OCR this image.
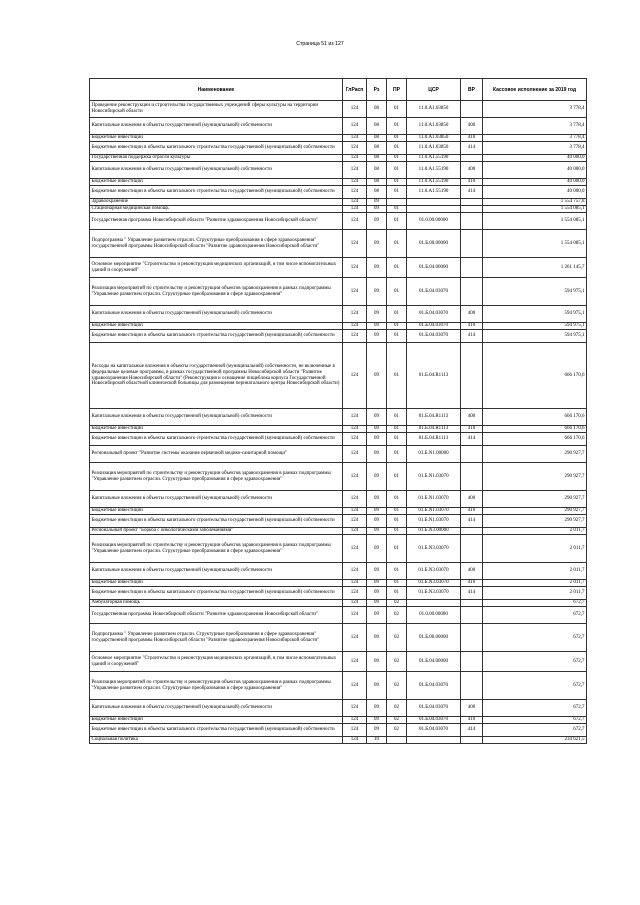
Страница 51 из 127
Наименование	ГлРасп	Рз	ПР	ЦСР	ВР	Кассовое исполнение за 2019 год
Проведение реконструкции и строительства государственных учреждений сферы культуры на территории Новосибирской области	124	08	01	11.0.А1.03850		3 778,4
Капитальные вложения в объекты государственной (муниципальной) собственности	124	08	01	11.0.А1.03850	400	3 778,4
Бюджетные инвестиции	124	08	01	11.0.А1.03850	410	3 778,4
Бюджетные инвестиции в объекты капитального строительства государственной (муниципальной) собственности	124	08	01	11.0.А1.03850	414	3 778,4
Государственная поддержка отрасли культуры	124	08	01	11.0.А1.55190		40 000,0
Капитальные вложения в объекты государственной (муниципальной) собственности	124	08	01	11.0.А1.55190	400	40 000,0
Бюджетные инвестиции	124	08	01	11.0.А1.55190	410	40 000,0
Бюджетные инвестиции в объекты капитального строительства государственной (муниципальной) собственности	124	08	01	11.0.А1.55190	414	40 000,0
Здравоохранение	124	09				1 554 757,8
Стационарная медицинская помощь	124	09	01			1 554 085,1
Государственная программа Новосибирской области "Развитие здравоохранения Новосибирской области"	124	09	01	01.0.00.00000		1 554 085,1
Подпрограмма " Управление развитием отрасли. Структурные преобразования в сфере здравоохранения" государственной программы Новосибирской области "Развитие здравоохранения Новосибирской области"	124	09	01	01.Б.00.00000		1 554 085,1
Основное мероприятие "Строительство и реконструкция медицинских организаций, в том числе вспомогательных зданий и сооружений"	124	09	01	01.Б.04.00000		1 261 145,7
Реализация мероприятий по строительству и реконструкции объектов здравоохранения в рамках подпрограммы "Управление развитием отрасли. Структурные преобразования в сфере здравоохранения"	124	09	01	01.Б.04.03070		594 975,1
Капитальные вложения в объекты государственной (муниципальной) собственности	124	09	01	01.Б.04.03070	400	594 975,1
Бюджетные инвестиции	124	09	01	01.Б.04.03070	410	594 975,1
Бюджетные инвестиции в объекты капитального строительства государственной (муниципальной) собственности	124	09	01	01.Б.04.03070	414	594 975,1
Расходы на капитальные вложения в объекты государственной (муниципальной) собственности, не включенные в федеральные целевые программы, в рамках государственной программы Новосибирской области "Развитие здравоохранения Новосибирской области" (Реконструкция и оснащение пищеблока корпуса Государственной Новосибирской областной клинической больницы для размещения перинатального центра Новосибирской области)	124	09	01	01.Б.04.R1113		666 170,6
Капитальные вложения в объекты государственной (муниципальной) собственности	124	09	01	01.Б.04.R1113	400	666 170,6
Бюджетные инвестиции	124	09	01	01.Б.04.R1113	410	666 170,6
Бюджетные инвестиции в объекты капитального строительства государственной (муниципальной) собственности	124	09	01	01.Б.04.R1113	414	666 170,6
Региональный проект "Развитие системы оказания первичной медико-санитарной помощи"	124	09	01	01.Б.N1.00000		290 927,7
Реализация мероприятий по строительству и реконструкции объектов здравоохранения в рамках подпрограммы "Управление развитием отрасли. Структурные преобразования в сфере здравоохранения"	124	09	01	01.Б.N1.03070		290 927,7
Капитальные вложения в объекты государственной (муниципальной) собственности	124	09	01	01.Б.N1.03070	400	290 927,7
Бюджетные инвестиции	124	09	01	01.Б.N1.03070	410	290 927,7
Бюджетные инвестиции в объекты капитального строительства государственной (муниципальной) собственности	124	09	01	01.Б.N1.03070	414	290 927,7
Региональный проект "Борьба с онкологическими заболеваниями"	124	09	01	01.Б.N3.00000		2 011,7
Реализация мероприятий по строительству и реконструкции объектов здравоохранения в рамках подпрограммы "Управление развитием отрасли. Структурные преобразования в сфере здравоохранения"	124	09	01	01.Б.N3.03070		2 011,7
Капитальные вложения в объекты государственной (муниципальной) собственности	124	09	01	01.Б.N3.03070	400	2 011,7
Бюджетные инвестиции	124	09	01	01.Б.N3.03070	410	2 011,7
Бюджетные инвестиции в объекты капитального строительства государственной (муниципальной) собственности	124	09	01	01.Б.N3.03070	414	2 011,7
Амбулаторная помощь	124	09	02			672,7
Государственная программа Новосибирской области "Развитие здравоохранения Новосибирской области"	124	09	02	01.0.00.00000		672,7
Подпрограмма " Управление развитием отрасли. Структурные преобразования в сфере здравоохранения" государственной программы Новосибирской области "Развитие здравоохранения Новосибирской области"	124	09	02	01.Б.00.00000		672,7
Основное мероприятие "Строительство и реконструкция медицинских организаций, в том числе вспомогательных зданий и сооружений"	124	09	02	01.Б.04.00000		672,7
Реализация мероприятий по строительству и реконструкции объектов здравоохранения в рамках подпрограммы "Управление развитием отрасли. Структурные преобразования в сфере здравоохранения"	124	09	02	01.Б.04.03070		672,7
Капитальные вложения в объекты государственной (муниципальной) собственности	124	09	02	01.Б.04.03070	400	672,7
Бюджетные инвестиции	124	09	02	01.Б.04.03070	410	672,7
Бюджетные инвестиции в объекты капитального строительства государственной (муниципальной) собственности	124	09	02	01.Б.04.03070	414	672,7
Социальная политика	124	10				234 621,5
